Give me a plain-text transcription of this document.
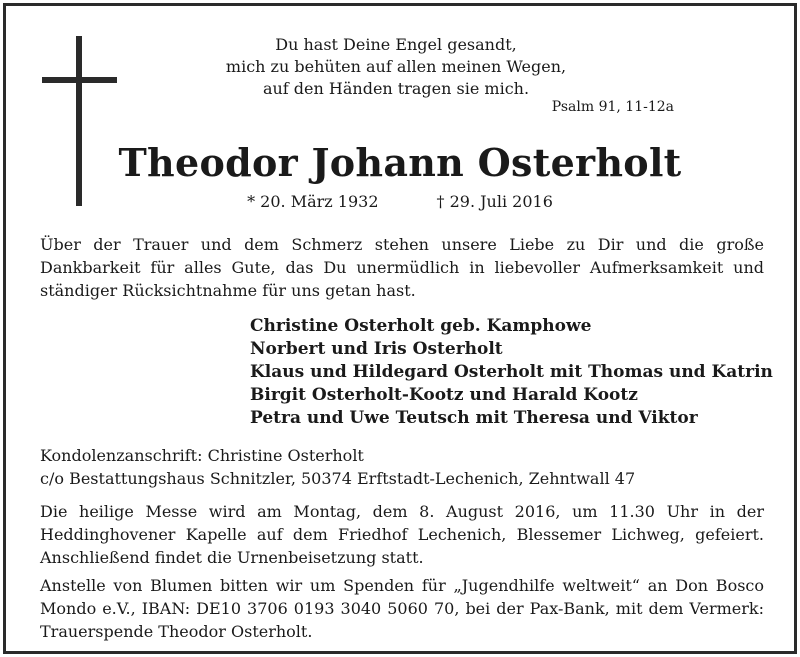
Du hast Deine Engel gesandt,
mich zu behüten auf allen meinen Wegen,
auf den Händen tragen sie mich.
Psalm 91, 11-12a
Theodor Johann Osterholt
* 20. März 1932	† 29. Juli 2016
Über der Trauer und dem Schmerz stehen unsere Liebe zu Dir und die große Dankbarkeit für alles Gute, das Du unermüdlich in liebevoller Aufmerksamkeit und ständiger Rücksichtnahme für uns getan hast.
Christine Osterholt geb. Kamphowe
Norbert und Iris Osterholt
Klaus und Hildegard Osterholt mit Thomas und Katrin
Birgit Osterholt-Kootz und Harald Kootz
Petra und Uwe Teutsch mit Theresa und Viktor
Kondolenzanschrift: Christine Osterholt
c/o Bestattungshaus Schnitzler, 50374 Erftstadt-Lechenich, Zehntwall 47
Die heilige Messe wird am Montag, dem 8. August 2016, um 11.30 Uhr in der Heddinghovener Kapelle auf dem Friedhof Lechenich, Blessemer Lichweg, gefeiert. Anschließend findet die Urnenbeisetzung statt.
Anstelle von Blumen bitten wir um Spenden für „Jugendhilfe weltweit“ an Don Bosco Mondo e.V., IBAN: DE10 3706 0193 3040 5060 70, bei der Pax-Bank, mit dem Vermerk: Trauerspende Theodor Osterholt.
